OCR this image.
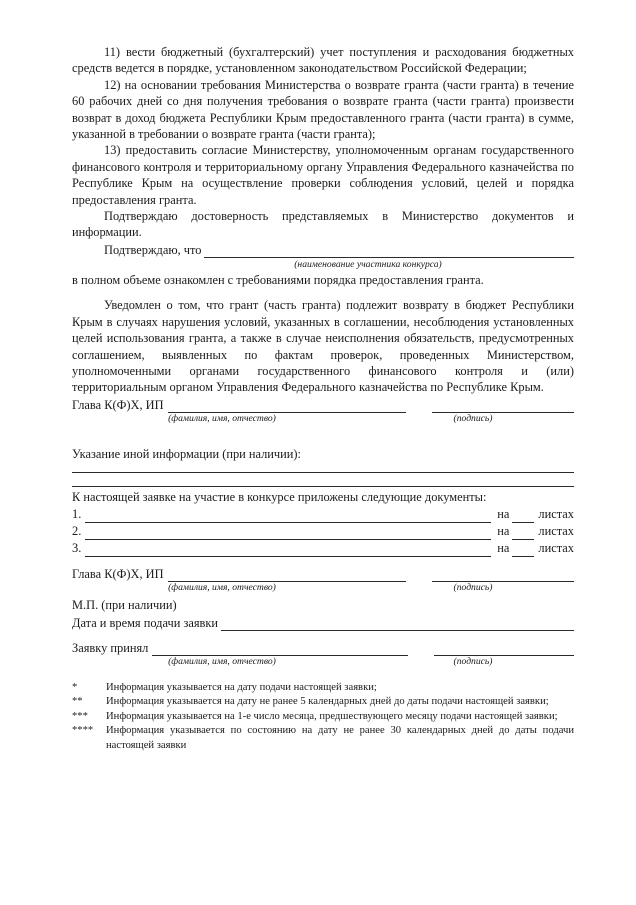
11) вести бюджетный (бухгалтерский) учет поступления и расходования бюджетных средств ведется в порядке, установленном законодательством Российской Федерации;

12) на основании требования Министерства о возврате гранта (части гранта) в течение 60 рабочих дней со дня получения требования о возврате гранта (части гранта) произвести возврат в доход бюджета Республики Крым предоставленного гранта (части гранта) в сумме, указанной в требовании о возврате гранта (части гранта);

13) предоставить согласие Министерству, уполномоченным органам государственного финансового контроля и территориальному органу Управления Федерального казначейства по Республике Крым на осуществление проверки соблюдения условий, целей и порядка предоставления гранта.

Подтверждаю достоверность представляемых в Министерство документов и информации.

Подтверждаю, что
(наименование участника конкурса)

в полном объеме ознакомлен с требованиями порядка предоставления гранта.

Уведомлен о том, что грант (часть гранта) подлежит возврату в бюджет Республики Крым в случаях нарушения условий, указанных в соглашении, несоблюдения установленных целей использования гранта, а также в случае неисполнения обязательств, предусмотренных соглашением, выявленных по фактам проверок, проведенных Министерством, уполномоченными органами государственного финансового контроля и (или) территориальным органом Управления Федерального казначейства по Республике Крым.

Глава К(Ф)Х, ИП
(фамилия, имя, отчество)	(подпись)
Указание иной информации (при наличии):
К настоящей заявке на участие в конкурсе приложены следующие документы:
1.	на листах
2.	на листах
3.	на листах
Глава К(Ф)Х, ИП
(фамилия, имя, отчество)	(подпись)
М.П. (при наличии)
Дата и время подачи заявки
Заявку принял
(фамилия, имя, отчество)	(подпись)
*	Информация указывается на дату подачи настоящей заявки;
**	Информация указывается на дату не ранее 5 календарных дней до даты подачи настоящей заявки;
***	Информация указывается на 1-е число месяца, предшествующего месяцу подачи настоящей заявки;
****	Информация указывается по состоянию на дату не ранее 30 календарных дней до даты подачи настоящей заявки
